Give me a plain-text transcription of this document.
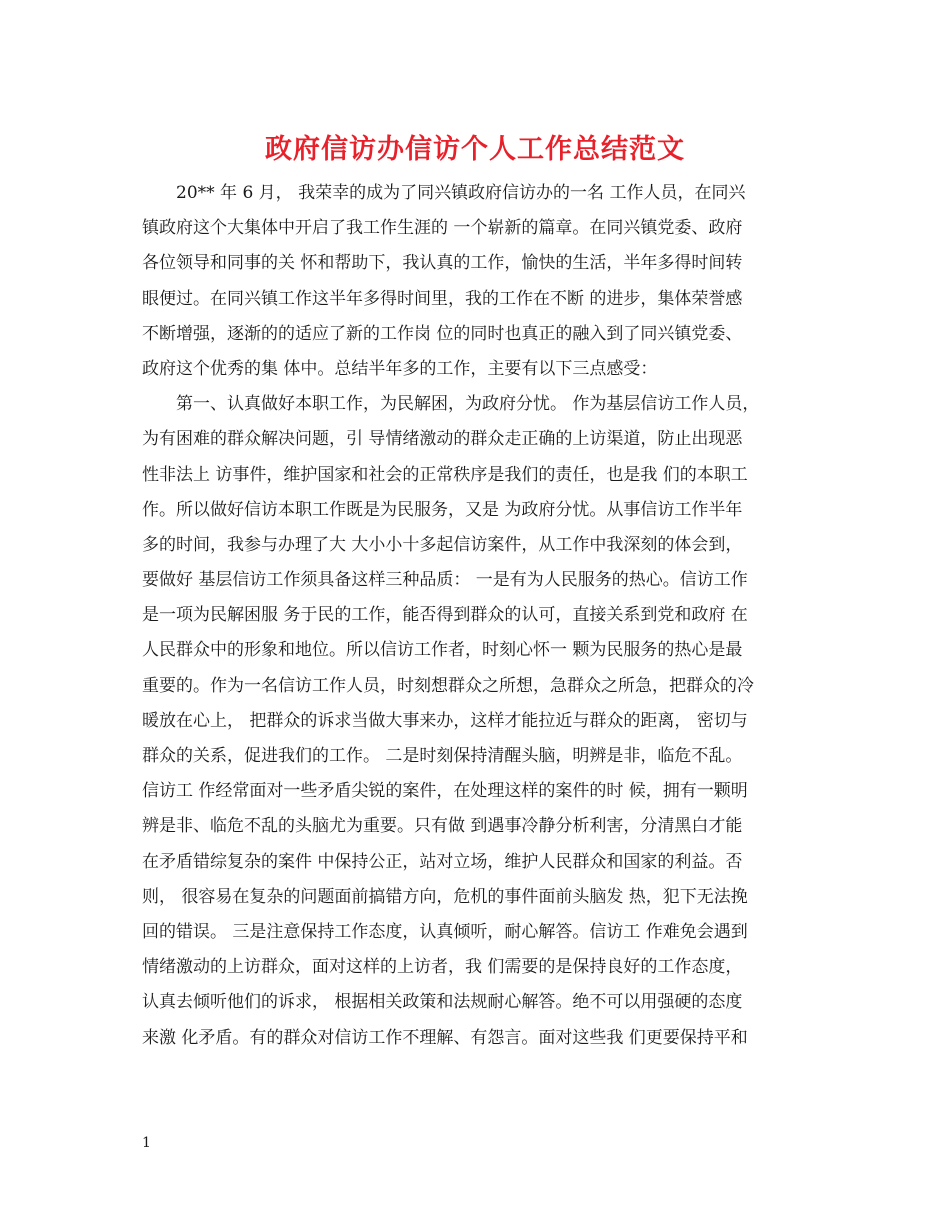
政府信访办信访个人工作总结范文
20** 年 6 月， 我荣幸的成为了同兴镇政府信访办的一名 工作人员，在同兴
镇政府这个大集体中开启了我工作生涯的 一个崭新的篇章。在同兴镇党委、政府
各位领导和同事的关 怀和帮助下，我认真的工作，愉快的生活，半年多得时间转
眼便过。在同兴镇工作这半年多得时间里，我的工作在不断 的进步，集体荣誉感
不断增强，逐渐的的适应了新的工作岗 位的同时也真正的融入到了同兴镇党委、
政府这个优秀的集 体中。总结半年多的工作，主要有以下三点感受：
第一、认真做好本职工作，为民解困，为政府分忧。 作为基层信访工作人员，
为有困难的群众解决问题，引 导情绪激动的群众走正确的上访渠道，防止出现恶
性非法上 访事件，维护国家和社会的正常秩序是我们的责任，也是我 们的本职工
作。所以做好信访本职工作既是为民服务，又是 为政府分忧。从事信访工作半年
多的时间，我参与办理了大 大小小十多起信访案件，从工作中我深刻的体会到，
要做好 基层信访工作须具备这样三种品质： 一是有为人民服务的热心。信访工作
是一项为民解困服 务于民的工作，能否得到群众的认可，直接关系到党和政府 在
人民群众中的形象和地位。所以信访工作者，时刻心怀一 颗为民服务的热心是最
重要的。作为一名信访工作人员，时刻想群众之所想，急群众之所急，把群众的冷
暖放在心上， 把群众的诉求当做大事来办，这样才能拉近与群众的距离， 密切与
群众的关系，促进我们的工作。 二是时刻保持清醒头脑，明辨是非，临危不乱。
信访工 作经常面对一些矛盾尖锐的案件，在处理这样的案件的时 候，拥有一颗明
辨是非、临危不乱的头脑尤为重要。只有做 到遇事冷静分析利害，分清黑白才能
在矛盾错综复杂的案件 中保持公正，站对立场，维护人民群众和国家的利益。否
则， 很容易在复杂的问题面前搞错方向，危机的事件面前头脑发 热，犯下无法挽
回的错误。 三是注意保持工作态度，认真倾听，耐心解答。信访工 作难免会遇到
情绪激动的上访群众，面对这样的上访者，我 们需要的是保持良好的工作态度，
认真去倾听他们的诉求， 根据相关政策和法规耐心解答。绝不可以用强硬的态度
来激 化矛盾。有的群众对信访工作不理解、有怨言。面对这些我 们更要保持平和
1
